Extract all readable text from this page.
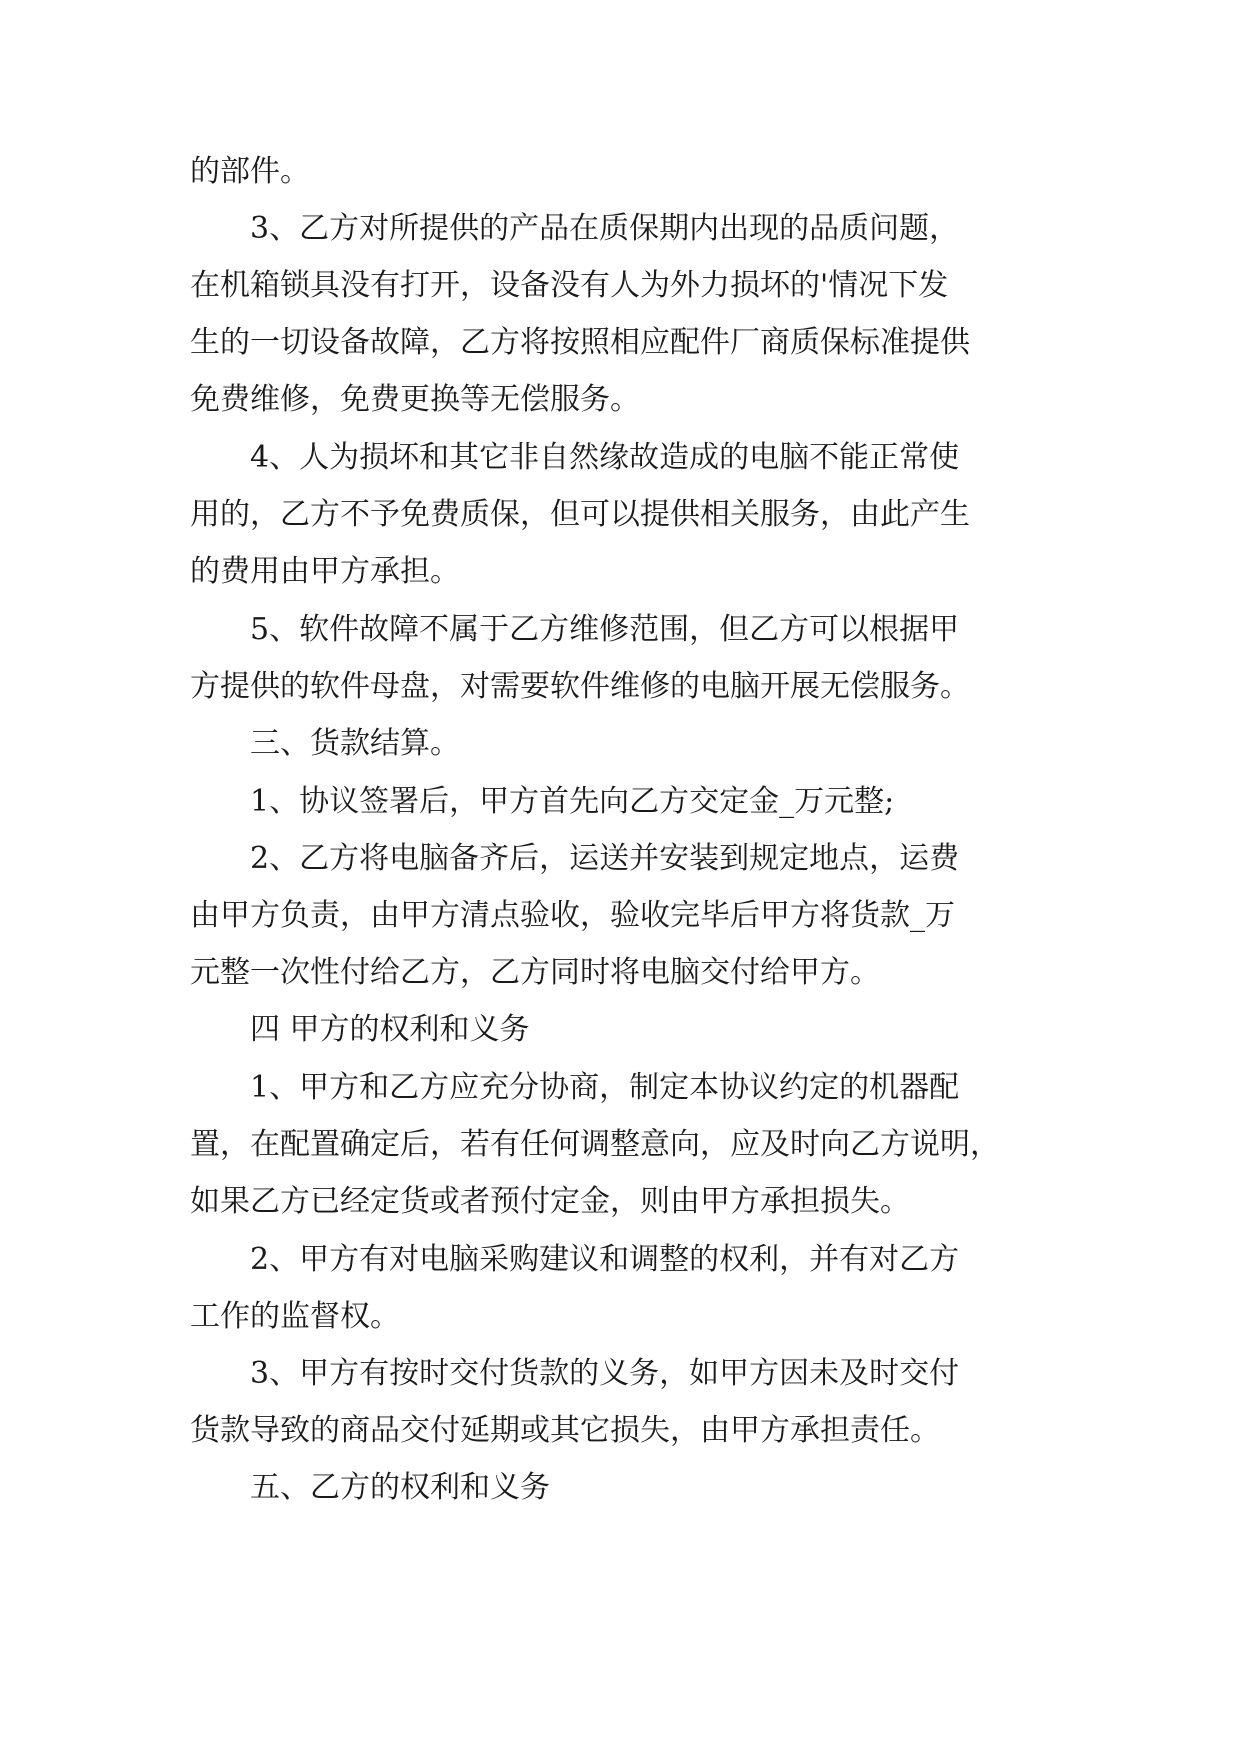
的部件。
3、乙方对所提供的产品在质保期内出现的品质问题，
在机箱锁具没有打开，设备没有人为外力损坏的'情况下发
生的一切设备故障，乙方将按照相应配件厂商质保标准提供
免费维修，免费更换等无偿服务。
4、人为损坏和其它非自然缘故造成的电脑不能正常使
用的，乙方不予免费质保，但可以提供相关服务，由此产生
的费用由甲方承担。
5、软件故障不属于乙方维修范围，但乙方可以根据甲
方提供的软件母盘，对需要软件维修的电脑开展无偿服务。
三、货款结算。
1、协议签署后，甲方首先向乙方交定金_万元整;
2、乙方将电脑备齐后，运送并安装到规定地点，运费
由甲方负责，由甲方清点验收，验收完毕后甲方将货款_万
元整一次性付给乙方，乙方同时将电脑交付给甲方。
四 甲方的权利和义务
1、甲方和乙方应充分协商，制定本协议约定的机器配
置，在配置确定后，若有任何调整意向，应及时向乙方说明，
如果乙方已经定货或者预付定金，则由甲方承担损失。
2、甲方有对电脑采购建议和调整的权利，并有对乙方
工作的监督权。
3、甲方有按时交付货款的义务，如甲方因未及时交付
货款导致的商品交付延期或其它损失，由甲方承担责任。
五、乙方的权利和义务
